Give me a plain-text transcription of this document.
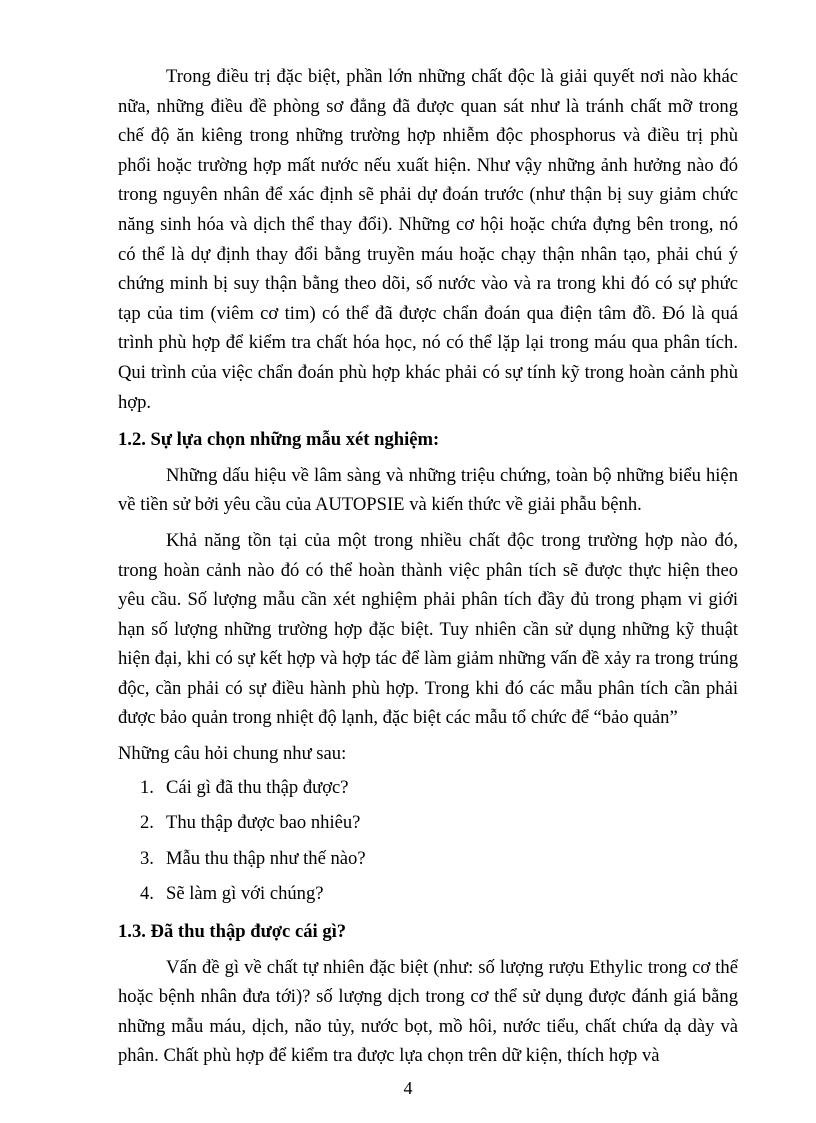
Trong điều trị đặc biệt, phần lớn những chất độc là giải quyết nơi nào khác nữa, những điều đề phòng sơ đẳng đã được quan sát như là tránh chất mỡ trong chế độ ăn kiêng trong những trường hợp nhiễm độc phosphorus và điều trị phù phổi hoặc trường hợp mất nước nếu xuất hiện. Như vậy những ảnh hưởng nào đó trong nguyên nhân để xác định sẽ phải dự đoán trước (như thận bị suy giảm chức năng sinh hóa và dịch thể thay đổi). Những cơ hội hoặc chứa đựng bên trong, nó có thể là dự định thay đổi bằng truyền máu hoặc chạy thận nhân tạo, phải chú ý chứng minh bị suy thận bằng theo dõi, số nước vào và ra trong khi đó có sự phức tạp của tim (viêm cơ tim) có thể đã được chẩn đoán qua điện tâm đồ. Đó là quá trình phù hợp để kiểm tra chất hóa học, nó có thể lặp lại trong máu qua phân tích. Qui trình của việc chẩn đoán phù hợp khác phải có sự tính kỹ trong hoàn cảnh phù hợp.

1.2. Sự lựa chọn những mẫu xét nghiệm:

Những dấu hiệu về lâm sàng và những triệu chứng, toàn bộ những biểu hiện về tiền sử bởi yêu cầu của AUTOPSIE và kiến thức về giải phẫu bệnh.

Khả năng tồn tại của một trong nhiều chất độc trong trường hợp nào đó, trong hoàn cảnh nào đó có thể hoàn thành việc phân tích sẽ được thực hiện theo yêu cầu. Số lượng mẫu cần xét nghiệm phải phân tích đầy đủ trong phạm vi giới hạn số lượng những trường hợp đặc biệt. Tuy nhiên cần sử dụng những kỹ thuật hiện đại, khi có sự kết hợp và hợp tác để làm giảm những vấn đề xảy ra trong trúng độc, cần phải có sự điều hành phù hợp. Trong khi đó các mẫu phân tích cần phải được bảo quản trong nhiệt độ lạnh, đặc biệt các mẫu tổ chức để “bảo quản”

Những câu hỏi chung như sau:

1. Cái gì đã thu thập được?
2. Thu thập được bao nhiêu?
3. Mẫu thu thập như thế nào?
4. Sẽ làm gì với chúng?
1.3. Đã thu thập được cái gì?

Vấn đề gì về chất tự nhiên đặc biệt (như: số lượng rượu Ethylic trong cơ thể hoặc bệnh nhân đưa tới)? số lượng dịch trong cơ thể sử dụng được đánh giá bằng những mẫu máu, dịch, não tủy, nước bọt, mồ hôi, nước tiểu, chất chứa dạ dày và phân. Chất phù hợp để kiểm tra được lựa chọn trên dữ kiện, thích hợp và

4
